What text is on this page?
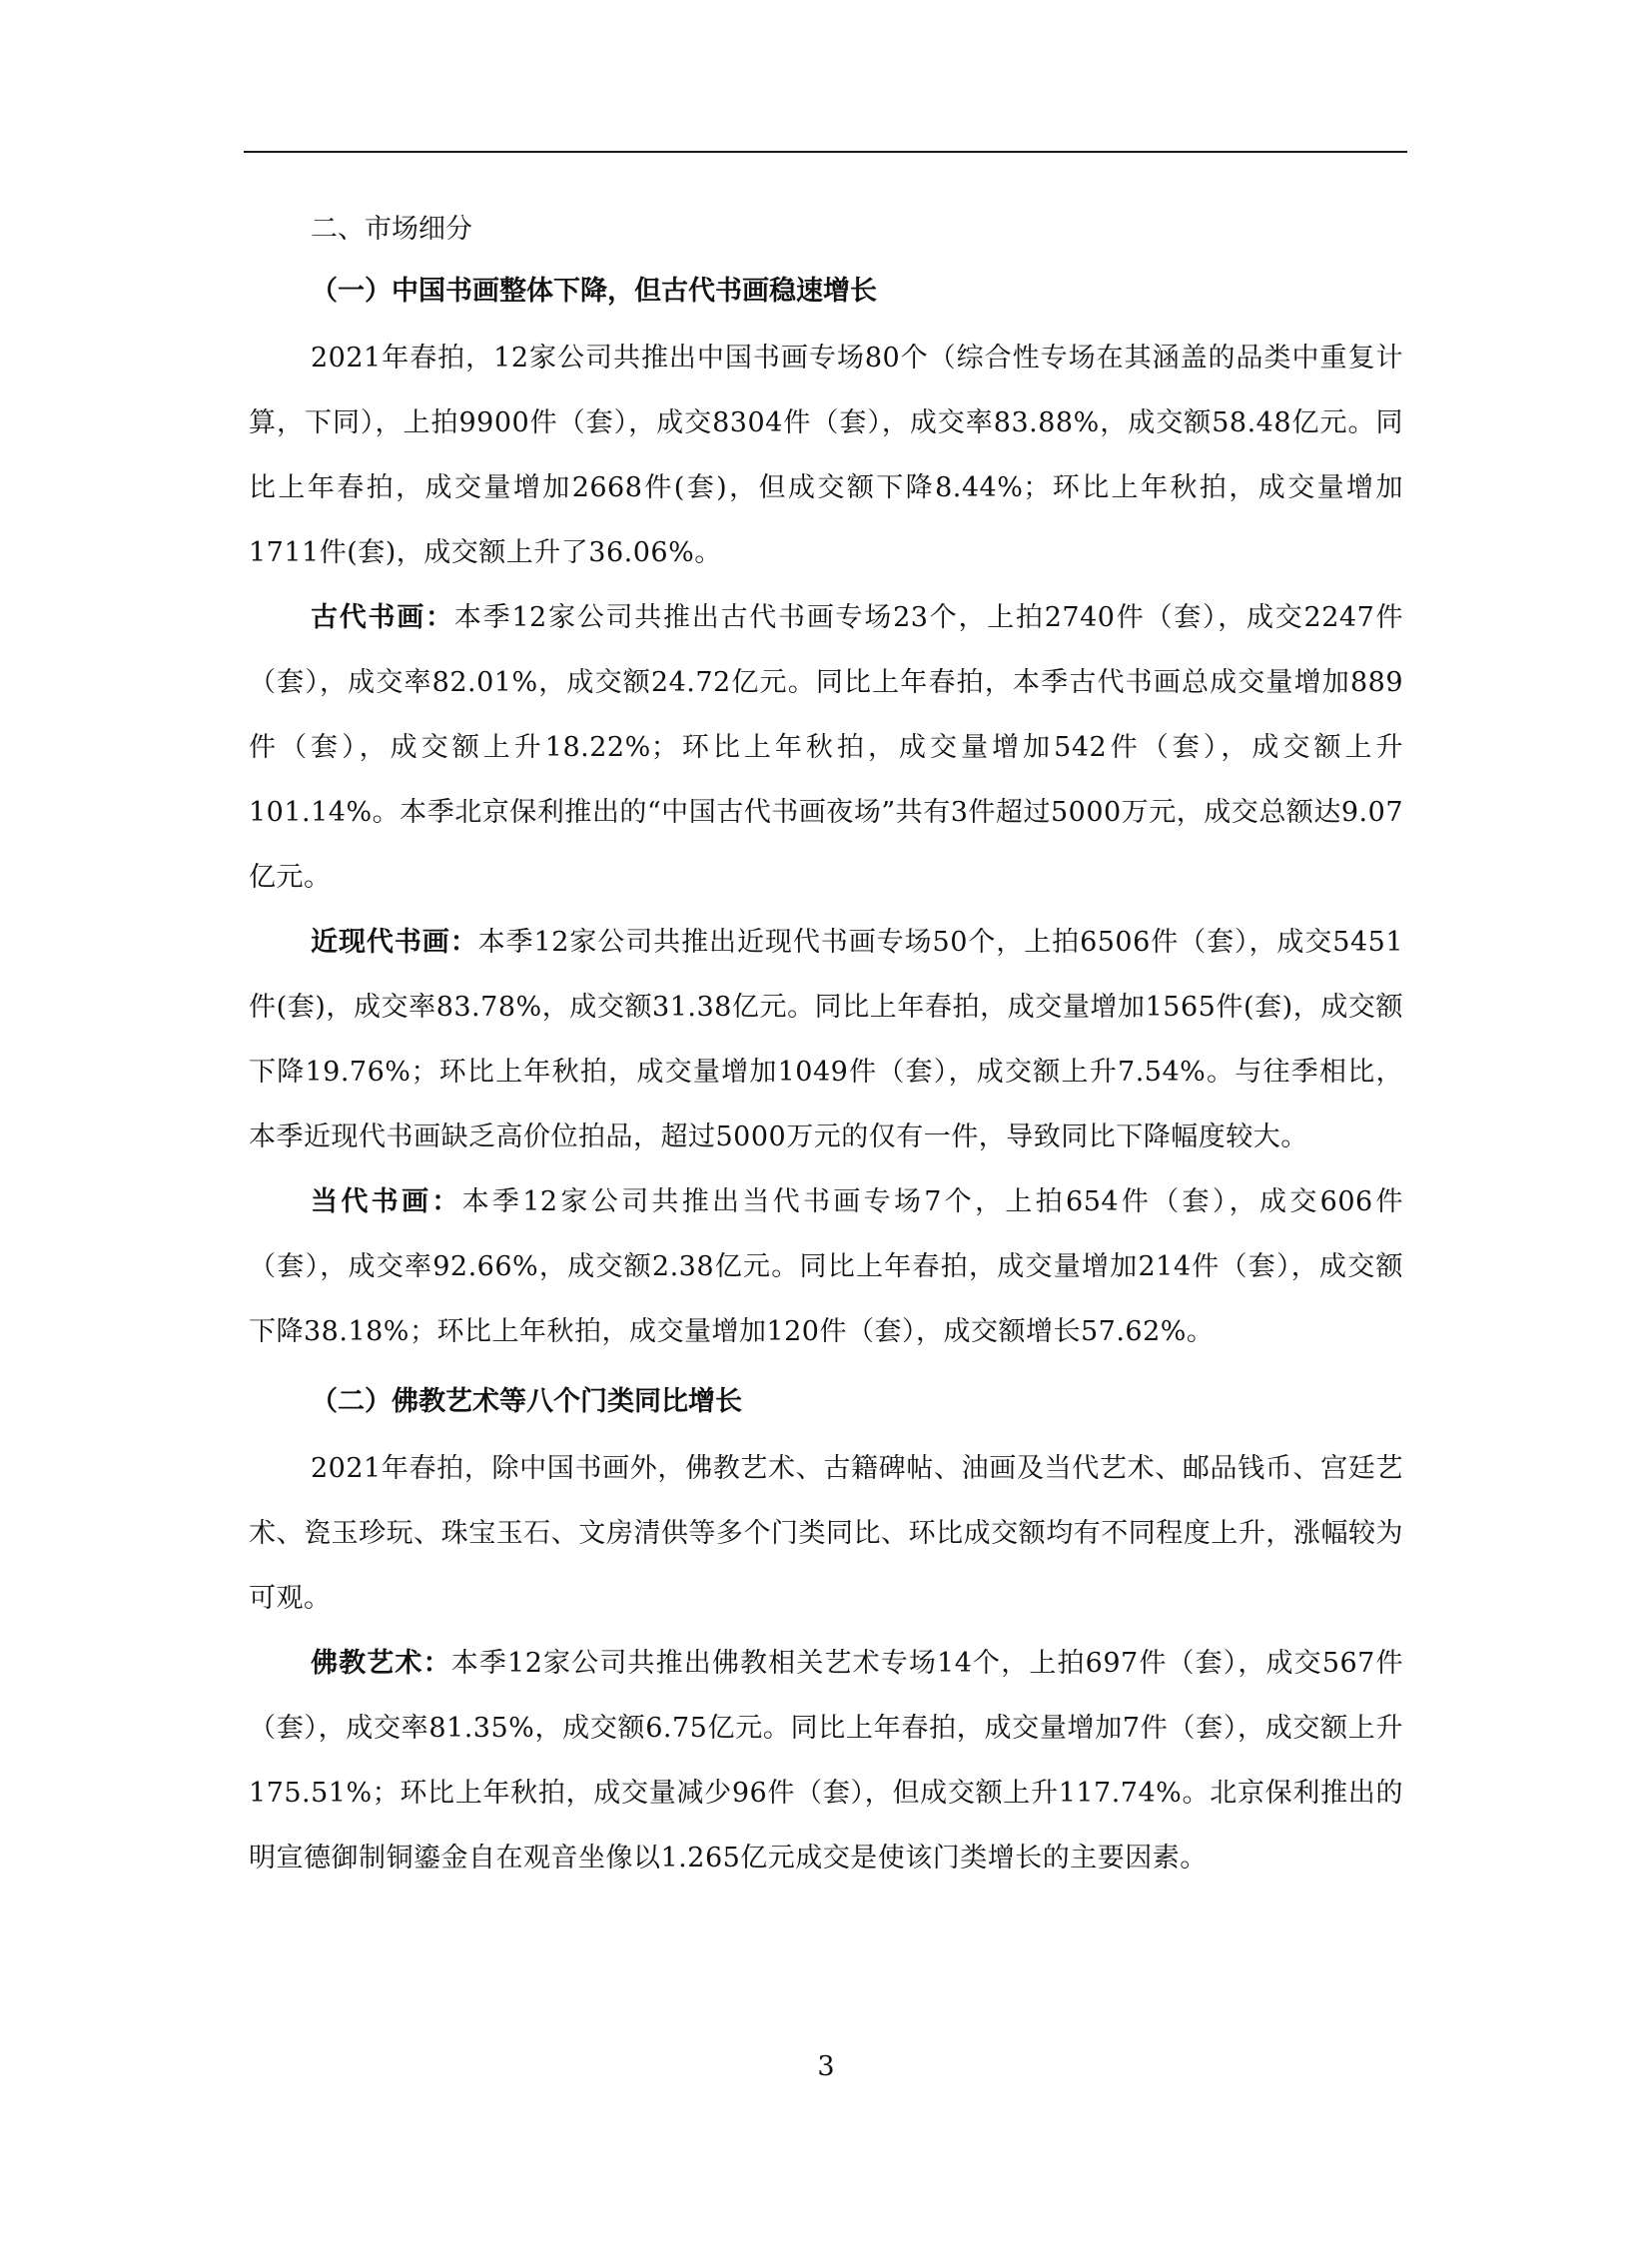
二、市场细分
（一）中国书画整体下降，但古代书画稳速增长

2021年春拍，12家公司共推出中国书画专场80个（综合性专场在其涵盖的品类中重复计算，下同），上拍9900件（套），成交8304件（套），成交率83.88%，成交额58.48亿元。同比上年春拍，成交量增加2668件(套)，但成交额下降8.44%；环比上年秋拍，成交量增加1711件(套)，成交额上升了36.06%。

古代书画：本季12家公司共推出古代书画专场23个，上拍2740件（套），成交2247件（套），成交率82.01%，成交额24.72亿元。同比上年春拍，本季古代书画总成交量增加889件（套），成交额上升18.22%；环比上年秋拍，成交量增加542件（套），成交额上升101.14%。本季北京保利推出的“中国古代书画夜场”共有3件超过5000万元，成交总额达9.07亿元。

近现代书画：本季12家公司共推出近现代书画专场50个，上拍6506件（套），成交5451件(套)，成交率83.78%，成交额31.38亿元。同比上年春拍，成交量增加1565件(套)，成交额下降19.76%；环比上年秋拍，成交量增加1049件（套），成交额上升7.54%。与往季相比，本季近现代书画缺乏高价位拍品，超过5000万元的仅有一件，导致同比下降幅度较大。

当代书画：本季12家公司共推出当代书画专场7个，上拍654件（套），成交606件（套），成交率92.66%，成交额2.38亿元。同比上年春拍，成交量增加214件（套），成交额下降38.18%；环比上年秋拍，成交量增加120件（套），成交额增长57.62%。

（二）佛教艺术等八个门类同比增长

2021年春拍，除中国书画外，佛教艺术、古籍碑帖、油画及当代艺术、邮品钱币、宫廷艺术、瓷玉珍玩、珠宝玉石、文房清供等多个门类同比、环比成交额均有不同程度上升，涨幅较为可观。

佛教艺术：本季12家公司共推出佛教相关艺术专场14个，上拍697件（套），成交567件（套），成交率81.35%，成交额6.75亿元。同比上年春拍，成交量增加7件（套），成交额上升175.51%；环比上年秋拍，成交量减少96件（套），但成交额上升117.74%。北京保利推出的明宣德御制铜鎏金自在观音坐像以1.265亿元成交是使该门类增长的主要因素。

3
